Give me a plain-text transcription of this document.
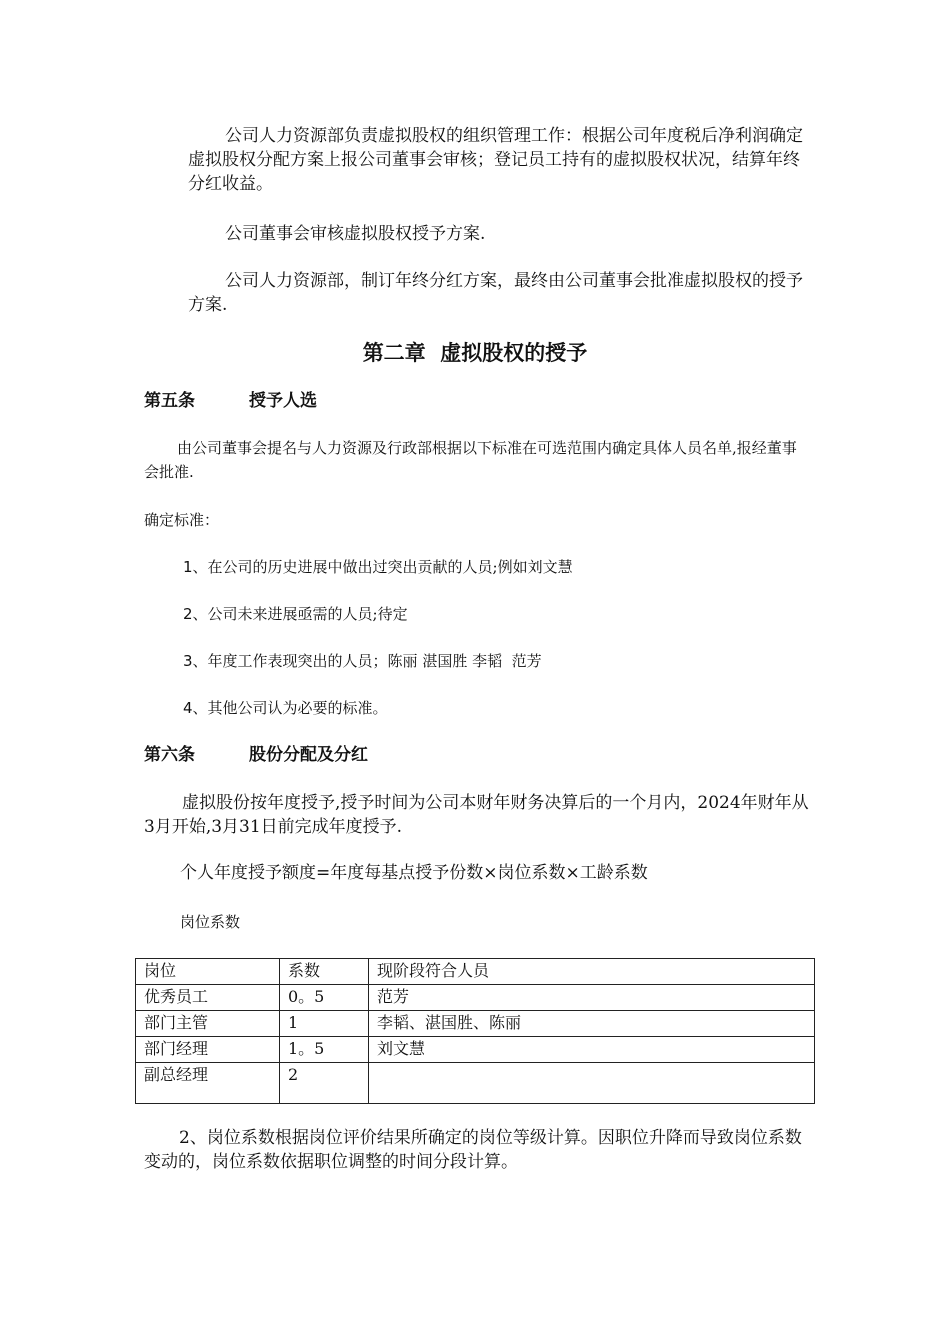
公司人力资源部负责虚拟股权的组织管理工作：根据公司年度税后净利润确定虚拟股权分配方案上报公司董事会审核；登记员工持有的虚拟股权状况，结算年终分红收益。
公司董事会审核虚拟股权授予方案.
公司人力资源部，制订年终分红方案，最终由公司董事会批准虚拟股权的授予方案.
第二章  虚拟股权的授予
第五条	授予人选
由公司董事会提名与人力资源及行政部根据以下标准在可选范围内确定具体人员名单,报经董事会批准.
确定标准：
1、在公司的历史进展中做出过突出贡献的人员;例如刘文慧
2、公司未来进展亟需的人员;待定
3、年度工作表现突出的人员；陈丽 湛国胜 李韬  范芳
4、其他公司认为必要的标准。
第六条	股份分配及分红
虚拟股份按年度授予,授予时间为公司本财年财务决算后的一个月内，2024年财年从3月开始,3月31日前完成年度授予.
个人年度授予额度=年度每基点授予份数×岗位系数×工龄系数
岗位系数
岗位	系数	现阶段符合人员
优秀员工	0。5	范芳
部门主管	1	李韬、湛国胜、陈丽
部门经理	1。5	刘文慧
副总经理	2	
2、岗位系数根据岗位评价结果所确定的岗位等级计算。因职位升降而导致岗位系数变动的，岗位系数依据职位调整的时间分段计算。
